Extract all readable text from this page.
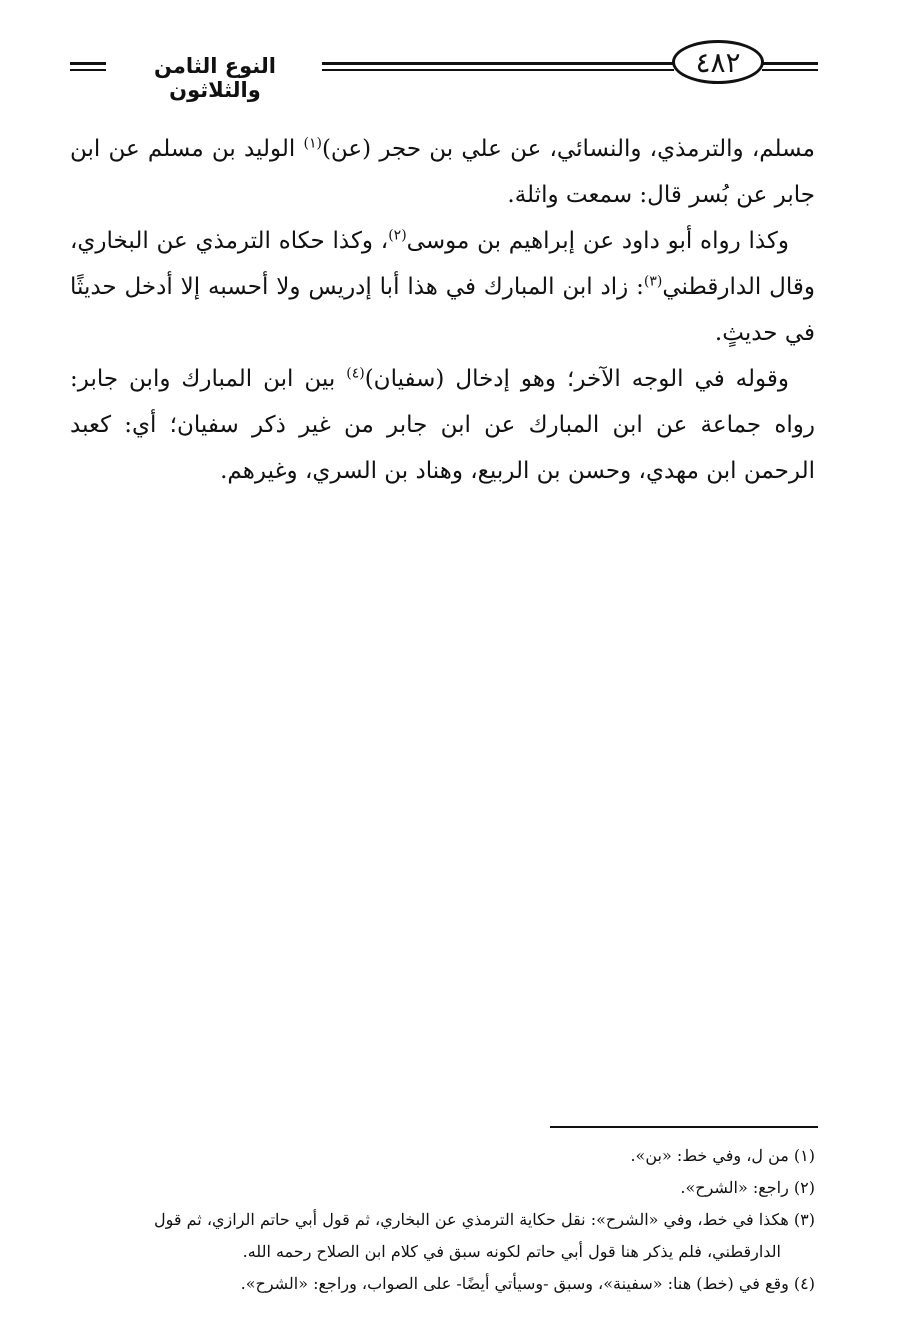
النوع الثامن والثلاثون
٤٨٢

مسلم، والترمذي، والنسائي، عن علي بن حجر (عن)$^{(١)}$ الوليد بن مسلم عن ابن جابر عن بُسر قال: سمعت واثلة.

وكذا رواه أبو داود عن إبراهيم بن موسى$^{(٢)}$، وكذا حكاه الترمذي عن البخاري، وقال الدارقطني$^{(٣)}$: زاد ابن المبارك في هذا أبا إدريس ولا أحسبه إلا أدخل حديثًا في حديثٍ.

وقوله في الوجه الآخر؛ وهو إدخال (سفيان)$^{(٤)}$ بين ابن المبارك وابن جابر: رواه جماعة عن ابن المبارك عن ابن جابر من غير ذكر سفيان؛ أي: كعبد الرحمن ابن مهدي، وحسن بن الربيع، وهناد بن السري، وغيرهم.

(١) من ل، وفي خط: «بن».

(٢) راجع: «الشرح».

(٣) هكذا في خط، وفي «الشرح»: نقل حكاية الترمذي عن البخاري، ثم قول أبي حاتم الرازي، ثم قول

الدارقطني، فلم يذكر هنا قول أبي حاتم لكونه سبق في كلام ابن الصلاح رحمه الله.

(٤) وقع في (خط) هنا: «سفينة»، وسبق -وسيأتي أيضًا- على الصواب، وراجع: «الشرح».
